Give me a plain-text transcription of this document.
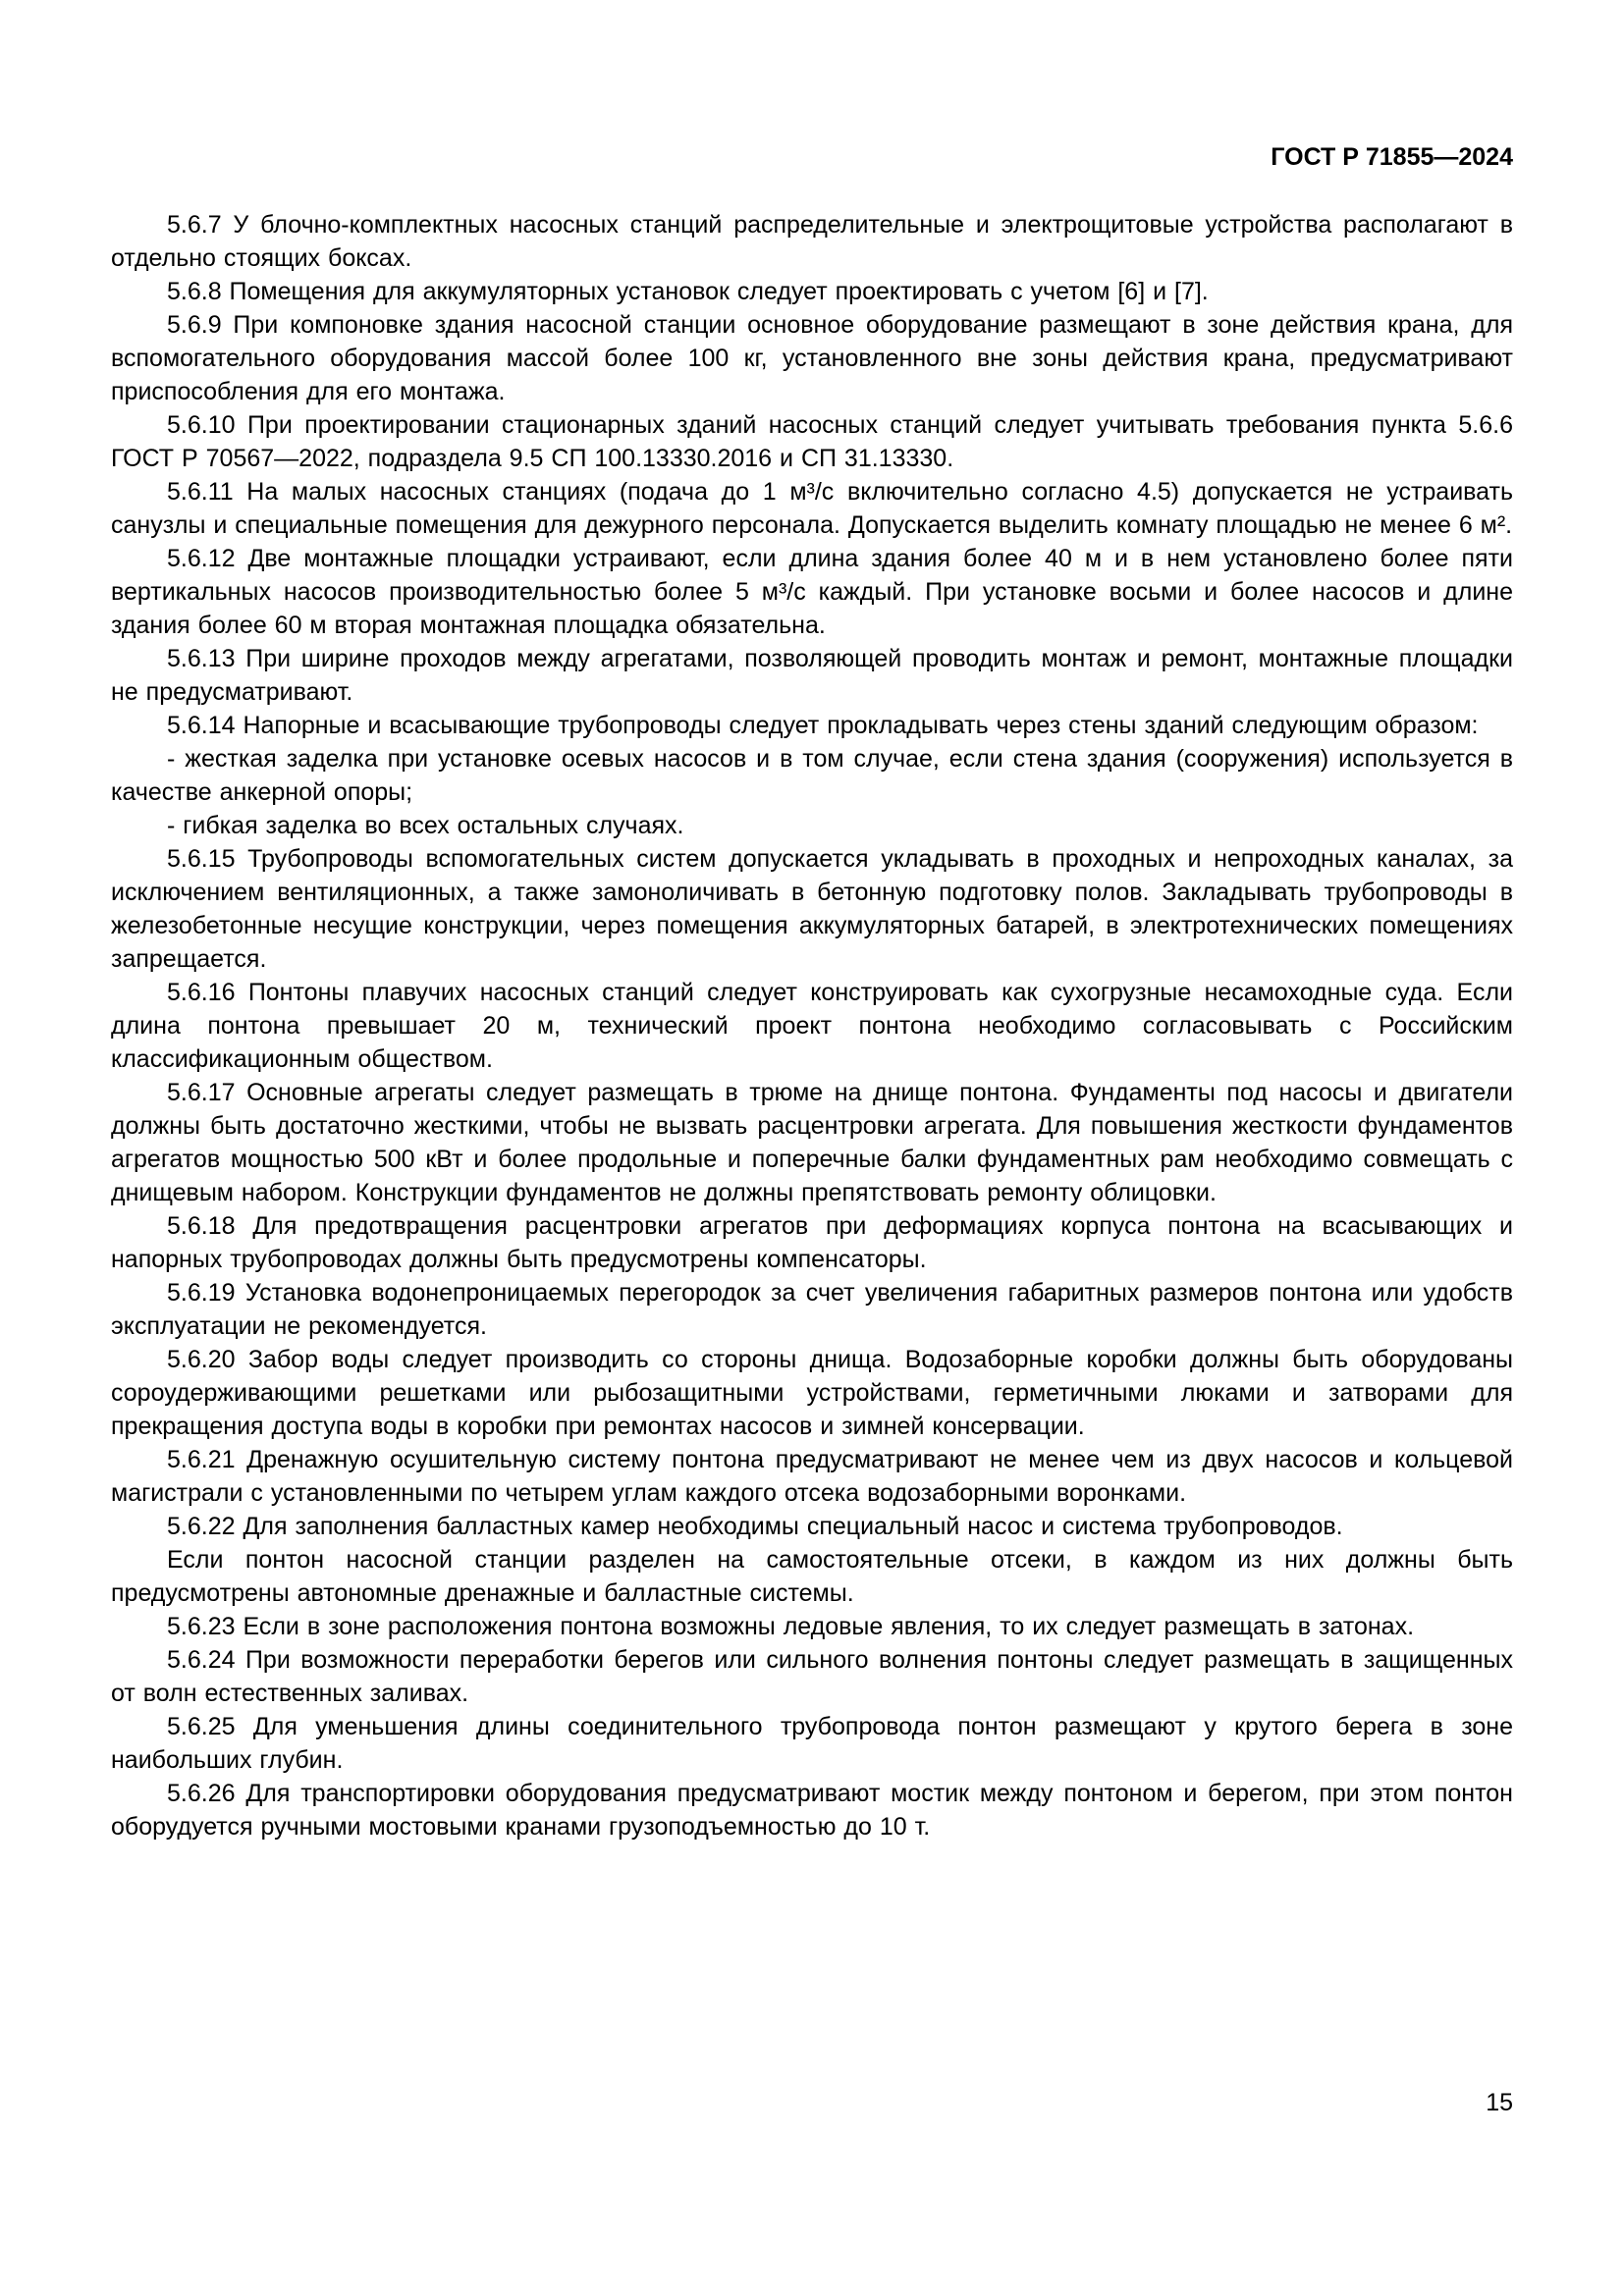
ГОСТ Р 71855—2024

5.6.7 У блочно-комплектных насосных станций распределительные и электрощитовые устройства располагают в отдельно стоящих боксах.

5.6.8 Помещения для аккумуляторных установок следует проектировать с учетом [6] и [7].

5.6.9 При компоновке здания насосной станции основное оборудование размещают в зоне действия крана, для вспомогательного оборудования массой более 100 кг, установленного вне зоны действия крана, предусматривают приспособления для его монтажа.

5.6.10 При проектировании стационарных зданий насосных станций следует учитывать требования пункта 5.6.6 ГОСТ Р 70567—2022, подраздела 9.5 СП 100.13330.2016 и СП 31.13330.

5.6.11 На малых насосных станциях (подача до 1 м³/с включительно согласно 4.5) допускается не устраивать санузлы и специальные помещения для дежурного персонала. Допускается выделить комнату площадью не менее 6 м².

5.6.12 Две монтажные площадки устраивают, если длина здания более 40 м и в нем установлено более пяти вертикальных насосов производительностью более 5 м³/с каждый. При установке восьми и более насосов и длине здания более 60 м вторая монтажная площадка обязательна.

5.6.13 При ширине проходов между агрегатами, позволяющей проводить монтаж и ремонт, монтажные площадки не предусматривают.

5.6.14 Напорные и всасывающие трубопроводы следует прокладывать через стены зданий следующим образом:

- жесткая заделка при установке осевых насосов и в том случае, если стена здания (сооружения) используется в качестве анкерной опоры;

- гибкая заделка во всех остальных случаях.

5.6.15 Трубопроводы вспомогательных систем допускается укладывать в проходных и непроходных каналах, за исключением вентиляционных, а также замоноличивать в бетонную подготовку полов. Закладывать трубопроводы в железобетонные несущие конструкции, через помещения аккумуляторных батарей, в электротехнических помещениях запрещается.

5.6.16 Понтоны плавучих насосных станций следует конструировать как сухогрузные несамоходные суда. Если длина понтона превышает 20 м, технический проект понтона необходимо согласовывать с Российским классификационным обществом.

5.6.17 Основные агрегаты следует размещать в трюме на днище понтона. Фундаменты под насосы и двигатели должны быть достаточно жесткими, чтобы не вызвать расцентровки агрегата. Для повышения жесткости фундаментов агрегатов мощностью 500 кВт и более продольные и поперечные балки фундаментных рам необходимо совмещать с днищевым набором. Конструкции фундаментов не должны препятствовать ремонту облицовки.

5.6.18 Для предотвращения расцентровки агрегатов при деформациях корпуса понтона на всасывающих и напорных трубопроводах должны быть предусмотрены компенсаторы.

5.6.19 Установка водонепроницаемых перегородок за счет увеличения габаритных размеров понтона или удобств эксплуатации не рекомендуется.

5.6.20 Забор воды следует производить со стороны днища. Водозаборные коробки должны быть оборудованы сороудерживающими решетками или рыбозащитными устройствами, герметичными люками и затворами для прекращения доступа воды в коробки при ремонтах насосов и зимней консервации.

5.6.21 Дренажную осушительную систему понтона предусматривают не менее чем из двух насосов и кольцевой магистрали с установленными по четырем углам каждого отсека водозаборными воронками.

5.6.22 Для заполнения балластных камер необходимы специальный насос и система трубопроводов.

Если понтон насосной станции разделен на самостоятельные отсеки, в каждом из них должны быть предусмотрены автономные дренажные и балластные системы.

5.6.23 Если в зоне расположения понтона возможны ледовые явления, то их следует размещать в затонах.

5.6.24 При возможности переработки берегов или сильного волнения понтоны следует размещать в защищенных от волн естественных заливах.

5.6.25 Для уменьшения длины соединительного трубопровода понтон размещают у крутого берега в зоне наибольших глубин.

5.6.26 Для транспортировки оборудования предусматривают мостик между понтоном и берегом, при этом понтон оборудуется ручными мостовыми кранами грузоподъемностью до 10 т.

15
